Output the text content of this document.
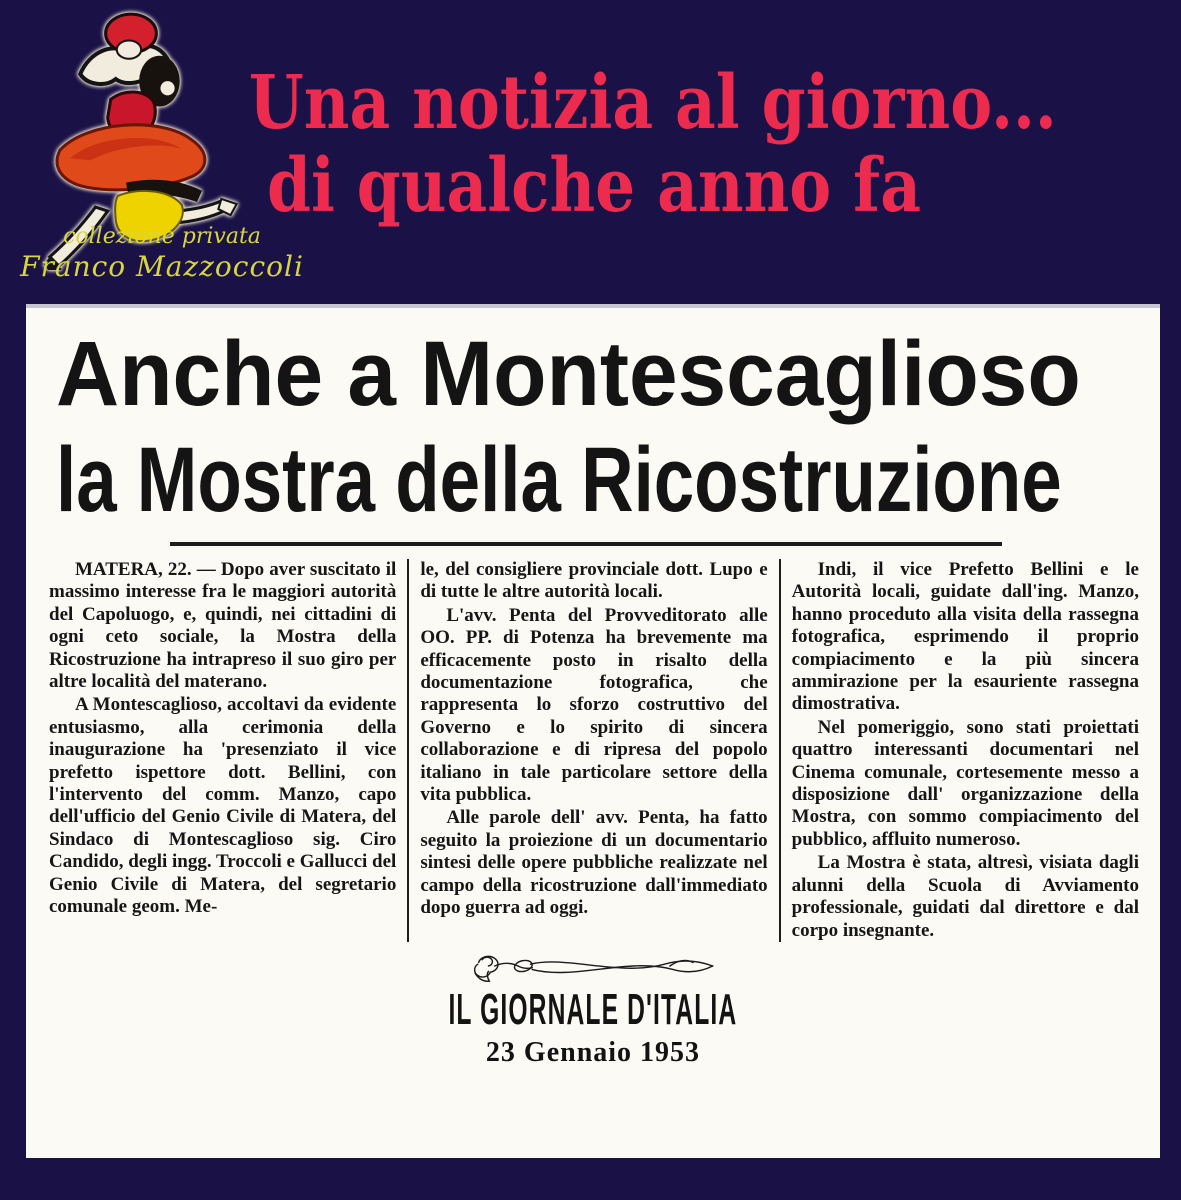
Una notizia al giorno...
di qualche anno fa
collezione privata
Franco Mazzoccoli
Anche a Montescaglioso
la Mostra della Ricostruzione

MATERA, 22. — Dopo aver suscitato il massimo interesse fra le maggiori autorità del Capoluogo, e, quindi, nei cittadini di ogni ceto sociale, la Mostra della Ricostruzione ha intrapreso il suo giro per altre località del materano.

A Montescaglioso, accoltavi da evidente entusiasmo, alla cerimonia della inaugurazione ha 'presenziato il vice prefetto ispettore dott. Bellini, con l'intervento del comm. Manzo, capo dell'ufficio del Genio Civile di Matera, del Sindaco di Montescaglioso sig. Ciro Candido, degli ingg. Troccoli e Gallucci del Genio Civile di Matera, del segretario comunale geom. Me-

le, del consigliere provinciale dott. Lupo e di tutte le altre autorità locali.

L'avv. Penta del Provveditorato alle OO. PP. di Potenza ha brevemente ma efficacemente posto in risalto della documentazione fotografica, che rappresenta lo sforzo costruttivo del Governo e lo spirito di sincera collaborazione e di ripresa del popolo italiano in tale particolare settore della vita pubblica.

Alle parole dell' avv. Penta, ha fatto seguito la proiezione di un documentario sintesi delle opere pubbliche realizzate nel campo della ricostruzione dall'immediato dopo guerra ad oggi.

Indi, il vice Prefetto Bellini e le Autorità locali, guidate dall'ing. Manzo, hanno proceduto alla visita della rassegna fotografica, esprimendo il proprio compiacimento e la più sincera ammirazione per la esauriente rassegna dimostrativa.

Nel pomeriggio, sono stati proiettati quattro interessanti documentari nel Cinema comunale, cortesemente messo a disposizione dall' organizzazione della Mostra, con sommo compiacimento del pubblico, affluito numeroso.

La Mostra è stata, altresì, visiata dagli alunni della Scuola di Avviamento professionale, guidati dal direttore e dal corpo insegnante.

IL GIORNALE D'ITALIA
23 Gennaio 1953
